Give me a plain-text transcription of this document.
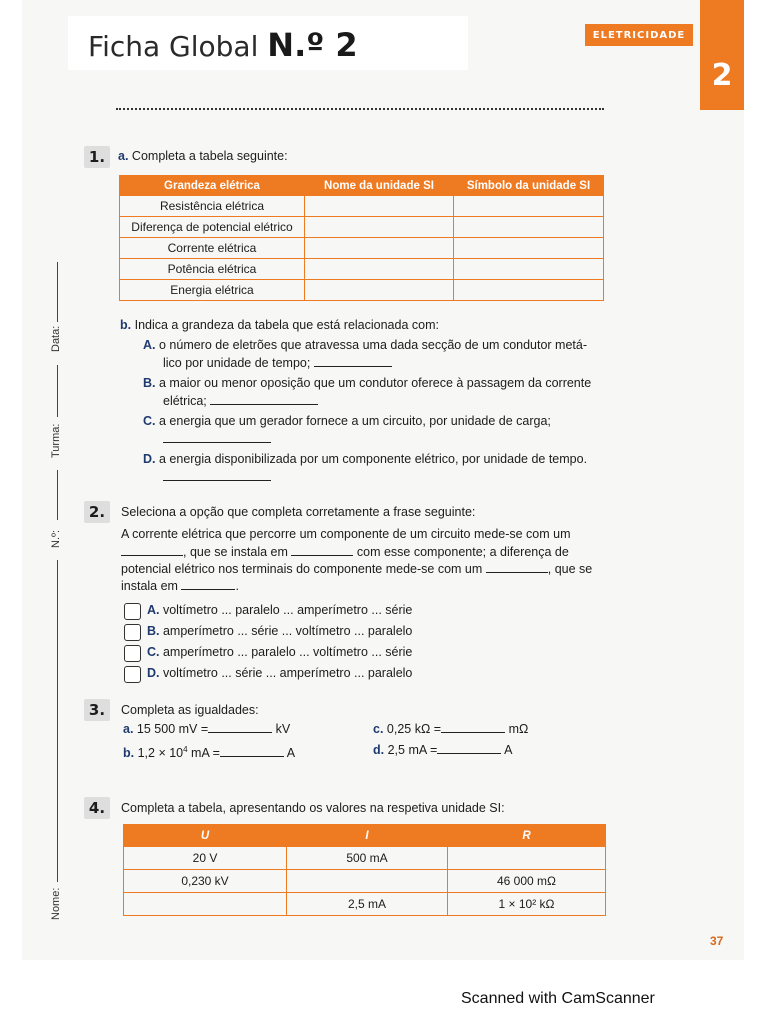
2
ELETRICIDADE
Ficha Global N.º 2
Data:
Turma:
N.º:
Nome:
1.	a. Completa a tabela seguinte:
Grandeza elétrica	Nome da unidade SI	Símbolo da unidade SI
Resistência elétrica		
Diferença de potencial elétrico		
Corrente elétrica		
Potência elétrica		
Energia elétrica		
b. Indica a grandeza da tabela que está relacionada com:
A. o número de eletrões que atravessa uma dada secção de um condutor metá-
lico por unidade de tempo;
B. a maior ou menor oposição que um condutor oferece à passagem da corrente
elétrica;
C. a energia que um gerador fornece a um circuito, por unidade de carga;
D. a energia disponibilizada por um componente elétrico, por unidade de tempo.
2.	Seleciona a opção que completa corretamente a frase seguinte:
A corrente elétrica que percorre um componente de um circuito mede-se com um
, que se instala em	com esse componente; a diferença de
potencial elétrico nos terminais do componente mede-se com um	, que se
instala em	.
A. voltímetro ... paralelo ... amperímetro ... série
B. amperímetro ... série ... voltímetro ... paralelo
C. amperímetro ... paralelo ... voltímetro ... série
D. voltímetro ... série ... amperímetro ... paralelo
3.	Completa as igualdades:
a. 15 500 mV =	kV
b. $1,2 \times 10^4$ mA =	A
c. 0,25 kΩ =	mΩ
d. 2,5 mA =	A
4.	Completa a tabela, apresentando os valores na respetiva unidade SI:
U	I	R
20 V	500 mA	
0,230 kV		46 000 mΩ
	2,5 mA	1 × 10² kΩ
37
Scanned with CamScanner
